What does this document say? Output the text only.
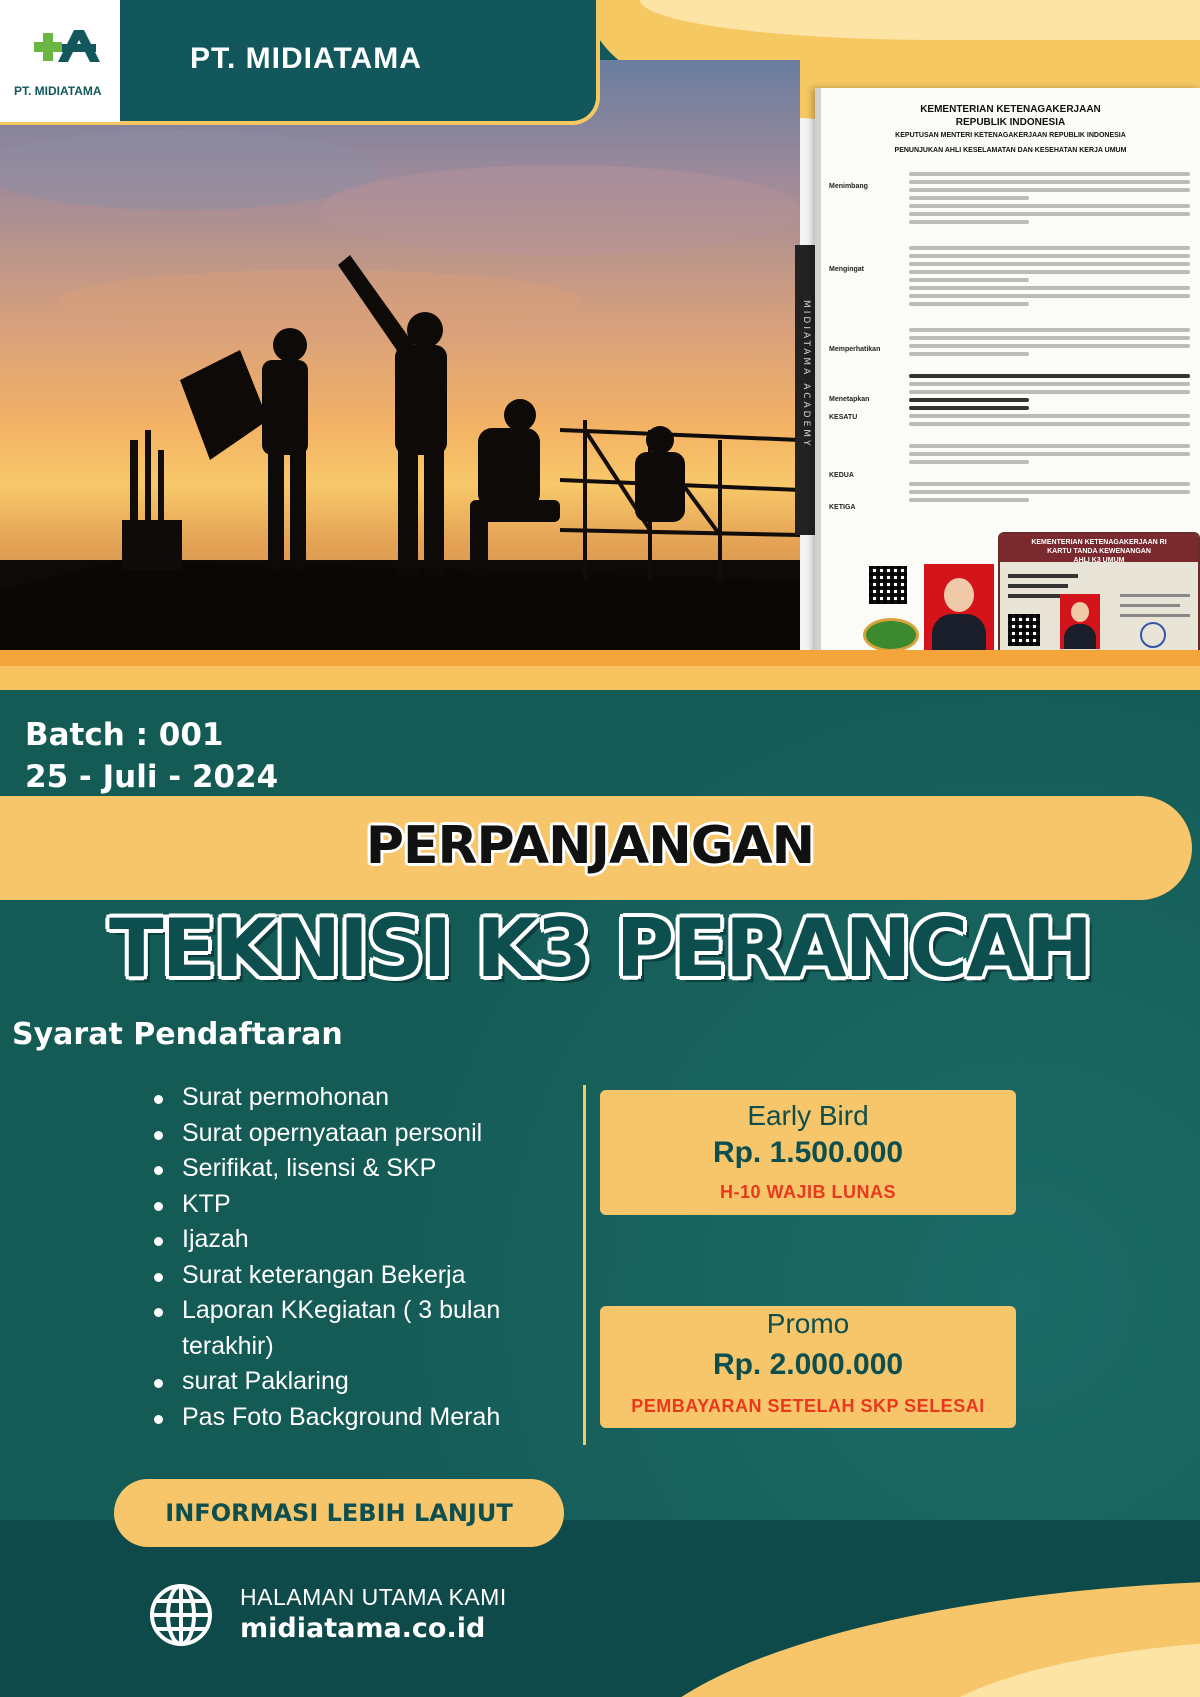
MIDIATAMA ACADEMY
KEMENTERIAN KETENAGAKERJAAN
REPUBLIK INDONESIA
KEPUTUSAN MENTERI KETENAGAKERJAAN REPUBLIK INDONESIA
PENUNJUKAN AHLI KESELAMATAN DAN KESEHATAN KERJA UMUM
Menimbang
Mengingat
Memperhatikan
Menetapkan
KESATU
KEDUA
KETIGA
KEMENTERIAN KETENAGAKERJAAN RI
KARTU TANDA KEWENANGAN
AHLI K3 UMUM
PT. MIDIATAMA
PT. MIDIATAMA
Batch : 001
25 - Juli - 2024
PERPANJANGAN
TEKNISI K3 PERANCAH
Syarat Pendaftaran
Surat permohonan
Surat opernyataan personil
Serifikat, lisensi & SKP
KTP
Ijazah
Surat keterangan Bekerja
Laporan KKegiatan ( 3 bulan terakhir)
surat Paklaring
Pas Foto Background Merah
Early Bird
Rp. 1.500.000
H-10 WAJIB LUNAS
Promo
Rp. 2.000.000
PEMBAYARAN SETELAH SKP SELESAI
INFORMASI LEBIH LANJUT
HALAMAN UTAMA KAMI
midiatama.co.id
